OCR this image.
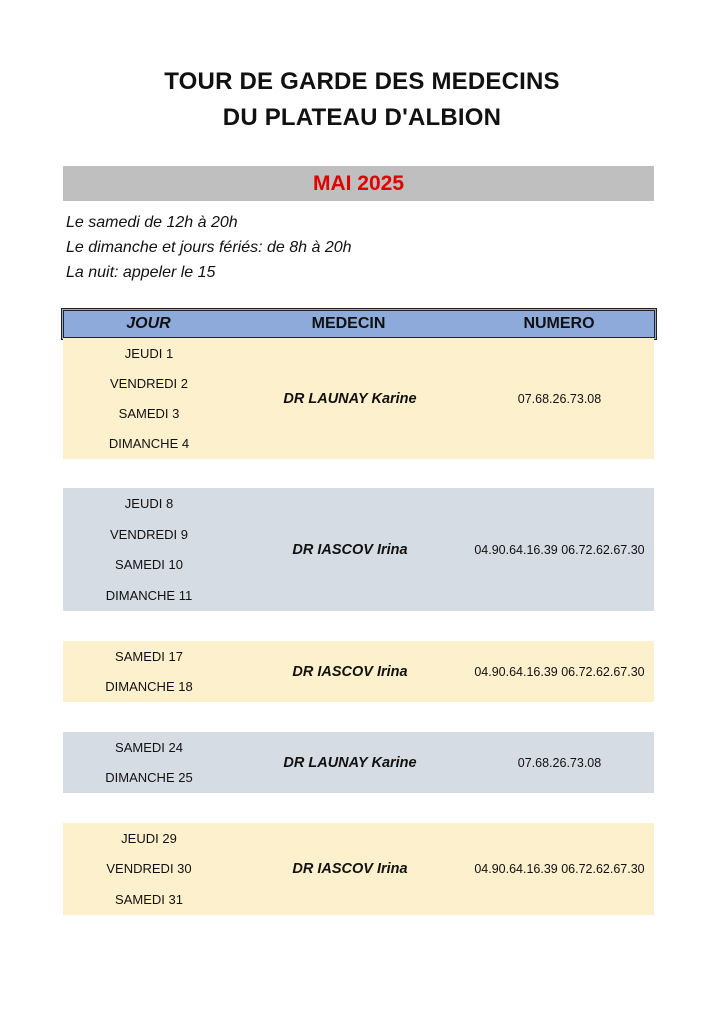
TOUR DE GARDE DES MEDECINS
DU PLATEAU D'ALBION
MAI 2025
Le samedi de 12h à 20h
Le dimanche et jours fériés: de 8h à 20h
La nuit: appeler le 15
JOUR	MEDECIN	NUMERO
JEUDI 1
VENDREDI 2
SAMEDI 3
DIMANCHE 4
DR LAUNAY Karine	07.68.26.73.08
JEUDI 8
VENDREDI 9
SAMEDI 10
DIMANCHE 11
DR IASCOV Irina	04.90.64.16.39 06.72.62.67.30
SAMEDI 17
DIMANCHE 18
DR IASCOV Irina	04.90.64.16.39 06.72.62.67.30
SAMEDI 24
DIMANCHE 25
DR LAUNAY Karine	07.68.26.73.08
JEUDI 29
VENDREDI 30
SAMEDI 31
DR IASCOV Irina	04.90.64.16.39 06.72.62.67.30
